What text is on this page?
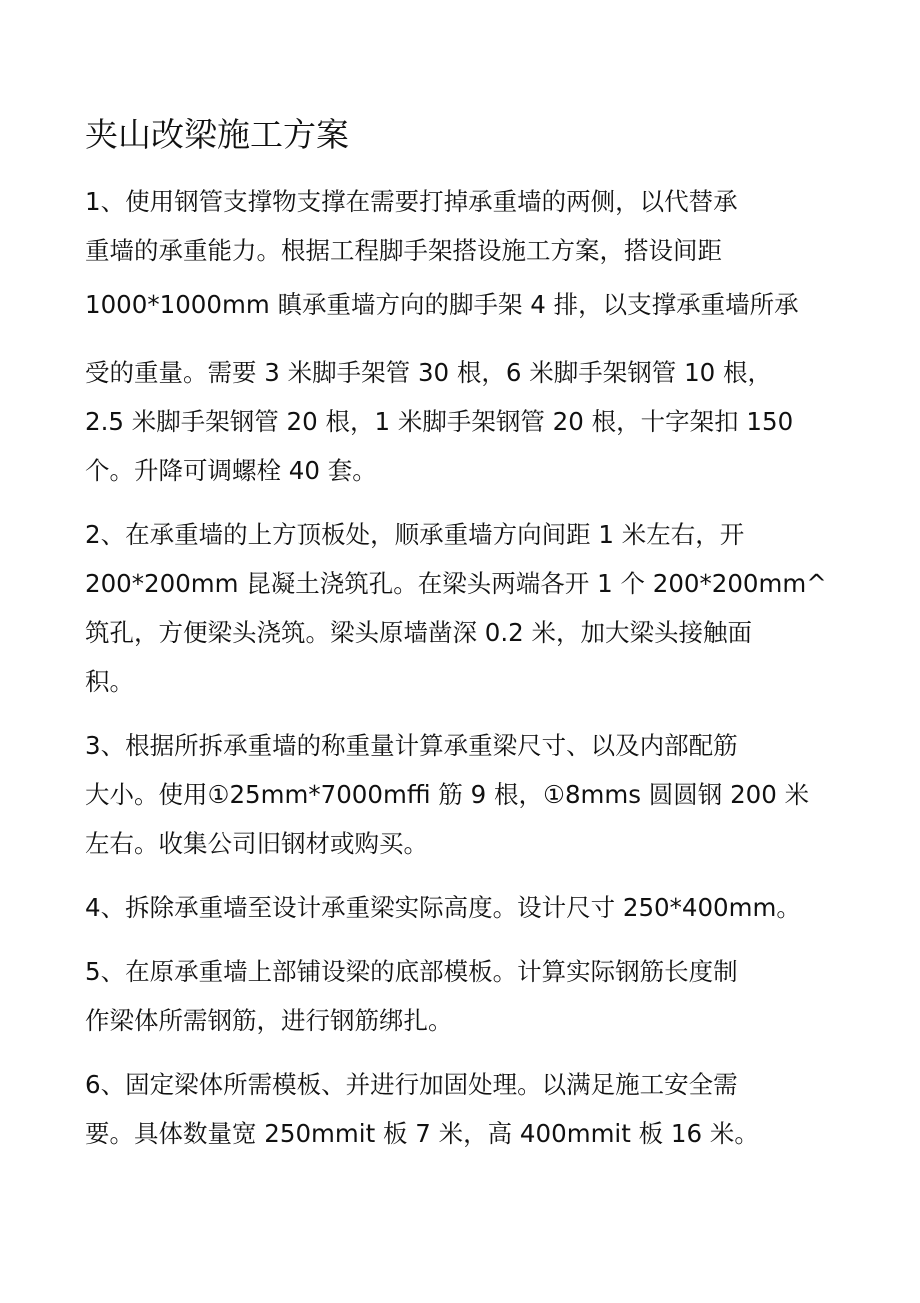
夹山改梁施工方案
1、使用钢管支撑物支撑在需要打掉承重墙的两侧，以代替承
重墙的承重能力。根据工程脚手架搭设施工方案，搭设间距
1000*1000mm 瞋承重墙方向的脚手架 4 排，以支撑承重墙所承
受的重量。需要 3 米脚手架管 30 根，6 米脚手架钢管 10 根，
2.5 米脚手架钢管 20 根，1 米脚手架钢管 20 根，十字架扣 150
个。升降可调螺栓 40 套。
2、在承重墙的上方顶板处，顺承重墙方向间距 1 米左右，开
200*200mm 昆凝土浇筑孔。在梁头两端各开 1 个 200*200mm^
筑孔，方便梁头浇筑。梁头原墙凿深 0.2 米，加大梁头接触面
积。
3、根据所拆承重墙的称重量计算承重梁尺寸、以及内部配筋
大小。使用①25mm*7000mffi 筋 9 根，①8mms 圆圆钢 200 米
左右。收集公司旧钢材或购买。
4、拆除承重墙至设计承重梁实际高度。设计尺寸 250*400mm。
5、在原承重墙上部铺设梁的底部模板。计算实际钢筋长度制
作梁体所需钢筋，进行钢筋绑扎。
6、固定梁体所需模板、并进行加固处理。以满足施工安全需
要。具体数量宽 250mmit 板 7 米，高 400mmit 板 16 米。
